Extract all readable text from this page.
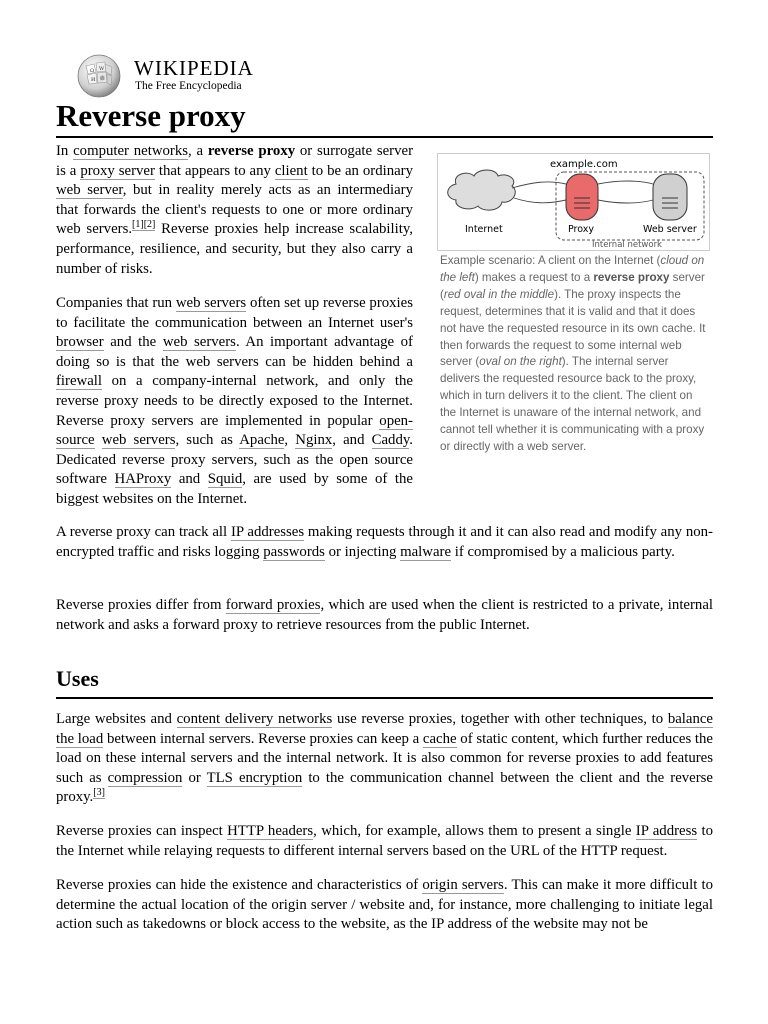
Ω W
И 維 WIKIPEDIA
The Free Encyclopedia
Reverse proxy

In computer networks, a reverse proxy or surrogate server is a proxy server that appears to any client to be an ordinary web server, but in reality merely acts as an intermediary that forwards the client's requests to one or more ordinary web servers.[1][2] Reverse proxies help increase scalability, performance, resilience, and security, but they also carry a number of risks.

Companies that run web servers often set up reverse proxies to facilitate the communication between an Internet user's browser and the web servers. An important advantage of doing so is that the web servers can be hidden behind a firewall on a company-internal network, and only the reverse proxy needs to be directly exposed to the Internet. Reverse proxy servers are implemented in popular open-source web servers, such as Apache, Nginx, and Caddy. Dedicated reverse proxy servers, such as the open source software HAProxy and Squid, are used by some of the biggest websites on the Internet.

example.com
Internet	Proxy	Web server
Internal network

Example scenario: A client on the Internet (cloud on the left) makes a request to a reverse proxy server (red oval in the middle). The proxy inspects the request, determines that it is valid and that it does not have the requested resource in its own cache. It then forwards the request to some internal web server (oval on the right). The internal server delivers the requested resource back to the proxy, which in turn delivers it to the client. The client on the Internet is unaware of the internal network, and cannot tell whether it is communicating with a proxy or directly with a web server.

A reverse proxy can track all IP addresses making requests through it and it can also read and modify any non-encrypted traffic and risks logging passwords or injecting malware if compromised by a malicious party.

Reverse proxies differ from forward proxies, which are used when the client is restricted to a private, internal network and asks a forward proxy to retrieve resources from the public Internet.

Uses

Large websites and content delivery networks use reverse proxies, together with other techniques, to balance the load between internal servers. Reverse proxies can keep a cache of static content, which further reduces the load on these internal servers and the internal network. It is also common for reverse proxies to add features such as compression or TLS encryption to the communication channel between the client and the reverse proxy.[3]

Reverse proxies can inspect HTTP headers, which, for example, allows them to present a single IP address to the Internet while relaying requests to different internal servers based on the URL of the HTTP request.

Reverse proxies can hide the existence and characteristics of origin servers. This can make it more difficult to determine the actual location of the origin server / website and, for instance, more challenging to initiate legal action such as takedowns or block access to the website, as the IP address of the website may not be
